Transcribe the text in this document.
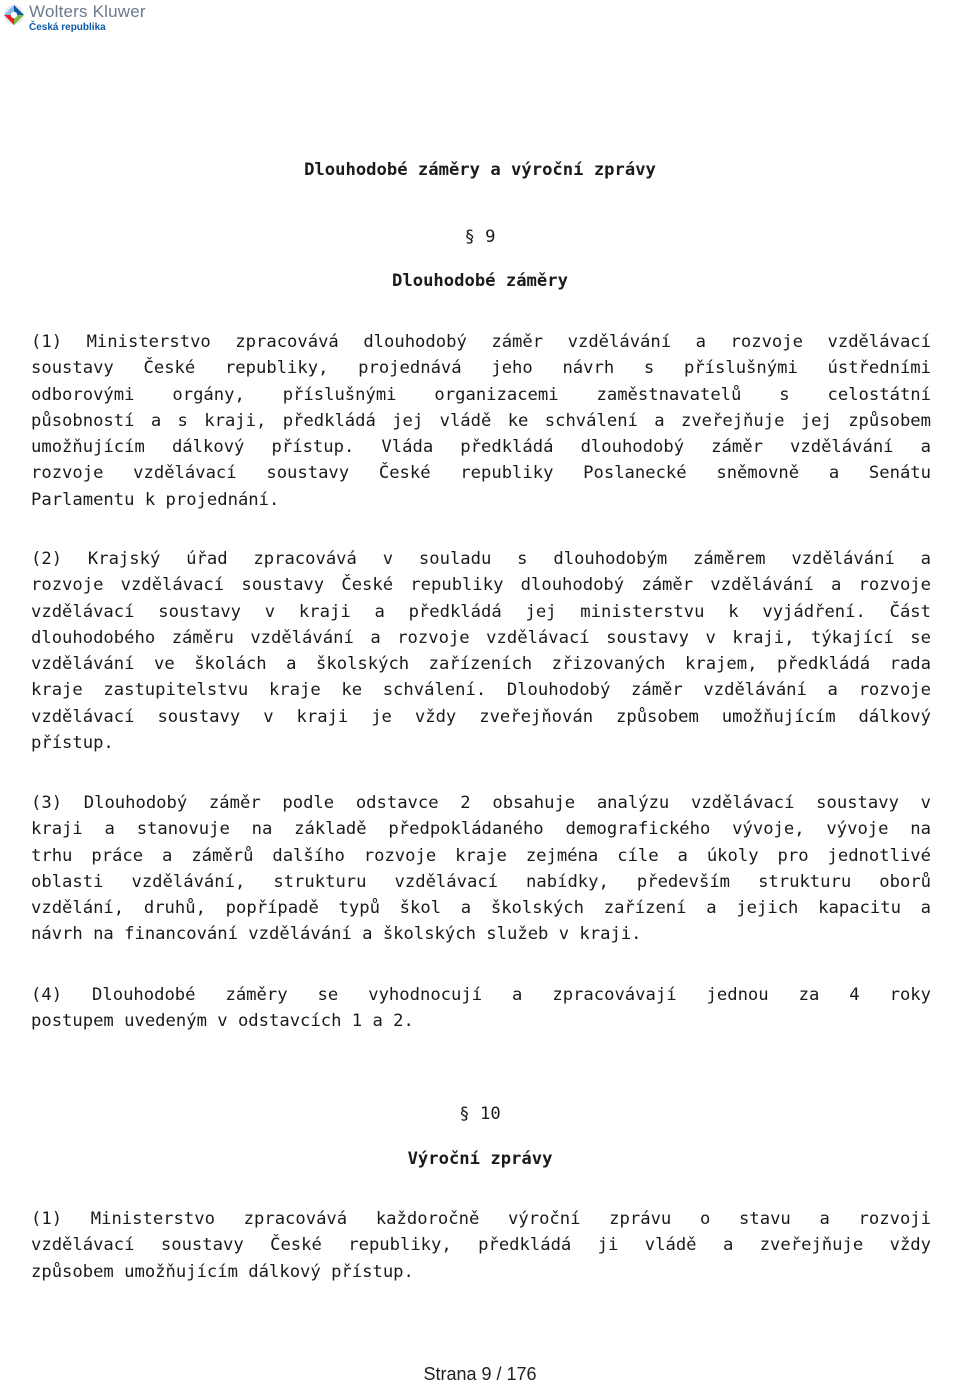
Wolters Kluwer
Česká republika
Dlouhodobé záměry a výroční zprávy
§ 9
Dlouhodobé záměry
(1) Ministerstvo zpracovává dlouhodobý záměr vzdělávání a rozvoje vzdělávací
soustavy České republiky, projednává jeho návrh s příslušnými ústředními
odborovými orgány, příslušnými organizacemi zaměstnavatelů s celostátní
působností a s kraji, předkládá jej vládě ke schválení a zveřejňuje jej způsobem
umožňujícím dálkový přístup. Vláda předkládá dlouhodobý záměr vzdělávání a
rozvoje vzdělávací soustavy České republiky Poslanecké sněmovně a Senátu
Parlamentu k projednání.
(2) Krajský úřad zpracovává v souladu s dlouhodobým záměrem vzdělávání a
rozvoje vzdělávací soustavy České republiky dlouhodobý záměr vzdělávání a rozvoje
vzdělávací soustavy v kraji a předkládá jej ministerstvu k vyjádření. Část
dlouhodobého záměru vzdělávání a rozvoje vzdělávací soustavy v kraji, týkající se
vzdělávání ve školách a školských zařízeních zřizovaných krajem, předkládá rada
kraje zastupitelstvu kraje ke schválení. Dlouhodobý záměr vzdělávání a rozvoje
vzdělávací soustavy v kraji je vždy zveřejňován způsobem umožňujícím dálkový
přístup.
(3) Dlouhodobý záměr podle odstavce 2 obsahuje analýzu vzdělávací soustavy v
kraji a stanovuje na základě předpokládaného demografického vývoje, vývoje na
trhu práce a záměrů dalšího rozvoje kraje zejména cíle a úkoly pro jednotlivé
oblasti vzdělávání, strukturu vzdělávací nabídky, především strukturu oborů
vzdělání, druhů, popřípadě typů škol a školských zařízení a jejich kapacitu a
návrh na financování vzdělávání a školských služeb v kraji.
(4) Dlouhodobé záměry se vyhodnocují a zpracovávají jednou za 4 roky
postupem uvedeným v odstavcích 1 a 2.
§ 10
Výroční zprávy
(1) Ministerstvo zpracovává každoročně výroční zprávu o stavu a rozvoji
vzdělávací soustavy České republiky, předkládá ji vládě a zveřejňuje vždy
způsobem umožňujícím dálkový přístup.
Strana 9 / 176
